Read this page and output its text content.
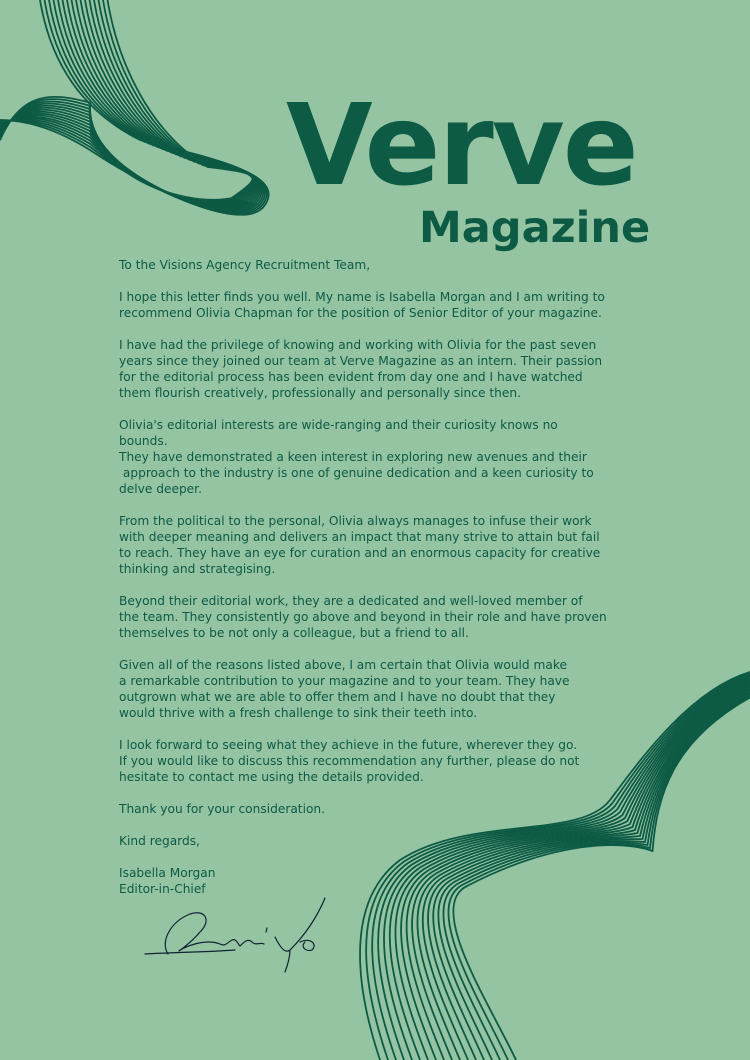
Verve
Magazine
To the Visions Agency Recruitment Team,
I hope this letter finds you well. My name is Isabella Morgan and I am writing to
recommend Olivia Chapman for the position of Senior Editor of your magazine.
I have had the privilege of knowing and working with Olivia for the past seven
years since they joined our team at Verve Magazine as an intern. Their passion
for the editorial process has been evident from day one and I have watched
them flourish creatively, professionally and personally since then.
Olivia's editorial interests are wide-ranging and their curiosity knows no
bounds.
They have demonstrated a keen interest in exploring new avenues and their
approach to the industry is one of genuine dedication and a keen curiosity to
delve deeper.
From the political to the personal, Olivia always manages to infuse their work
with deeper meaning and delivers an impact that many strive to attain but fail
to reach. They have an eye for curation and an enormous capacity for creative
thinking and strategising.
Beyond their editorial work, they are a dedicated and well-loved member of
the team. They consistently go above and beyond in their role and have proven
themselves to be not only a colleague, but a friend to all.
Given all of the reasons listed above, I am certain that Olivia would make
a remarkable contribution to your magazine and to your team. They have
outgrown what we are able to offer them and I have no doubt that they
would thrive with a fresh challenge to sink their teeth into.
I look forward to seeing what they achieve in the future, wherever they go.
If you would like to discuss this recommendation any further, please do not
hesitate to contact me using the details provided.
Thank you for your consideration.
Kind regards,
Isabella Morgan
Editor-in-Chief
